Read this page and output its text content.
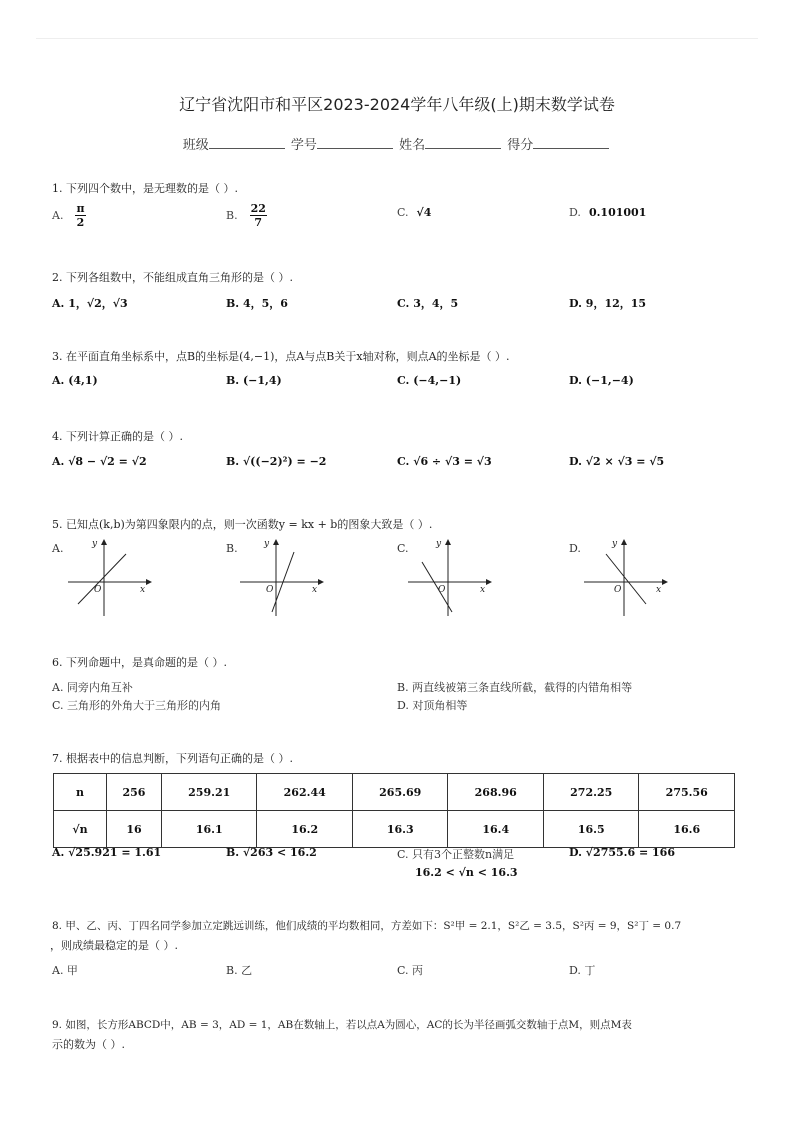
辽宁省沈阳市和平区2023-2024学年八年级(上)期末数学试卷
班级	学号	姓名	得分
1. 下列四个数中，是无理数的是（ ）.
A. $\frac{\pi}{2}$	B. $\frac{22}{7}$	C. √4	D. 0.101001
2. 下列各组数中，不能组成直角三角形的是（ ）.
A. 1，√2，√3	B. 4，5，6	C. 3，4，5	D. 9，12，15
3. 在平面直角坐标系中，点B的坐标是(4,−1)，点A与点B关于x轴对称，则点A的坐标是（ ）.
A. (4,1)	B. (−1,4)	C. (−4,−1)	D. (−1,−4)
4. 下列计算正确的是（ ）.
A. √8 − √2 = √2	B. √((−2)²) = −2	C. √6 ÷ √3 = √3	D. √2 × √3 = √5
5. 已知点(k,b)为第四象限内的点，则一次函数y = kx + b的图象大致是（ ）.
A.	y
O	x
B.	y
O	x
C.	y
O	x
D.	y
O	x
6. 下列命题中，是真命题的是（ ）.
A. 同旁内角互补	B. 两直线被第三条直线所截，截得的内错角相等
C. 三角形的外角大于三角形的内角	D. 对顶角相等
7. 根据表中的信息判断，下列语句正确的是（ ）.
n	256	259.21	262.44	265.69	268.96	272.25	275.56
√n	16	16.1	16.2	16.3	16.4	16.5	16.6
A. √25.921 = 1.61	B. √263 < 16.2	C. 只有3个正整数n满足
16.2 < √n < 16.3
D. √2755.6 = 166
8. 甲、乙、丙、丁四名同学参加立定跳远训练，他们成绩的平均数相同，方差如下：S²甲 = 2.1，S²乙 = 3.5，S²丙 = 9，S²丁 = 0.7
，则成绩最稳定的是（ ）.
A. 甲	B. 乙	C. 丙	D. 丁
9. 如图，长方形ABCD中，AB = 3，AD = 1，AB在数轴上，若以点A为圆心，AC的长为半径画弧交数轴于点M，则点M表
示的数为（ ）.
